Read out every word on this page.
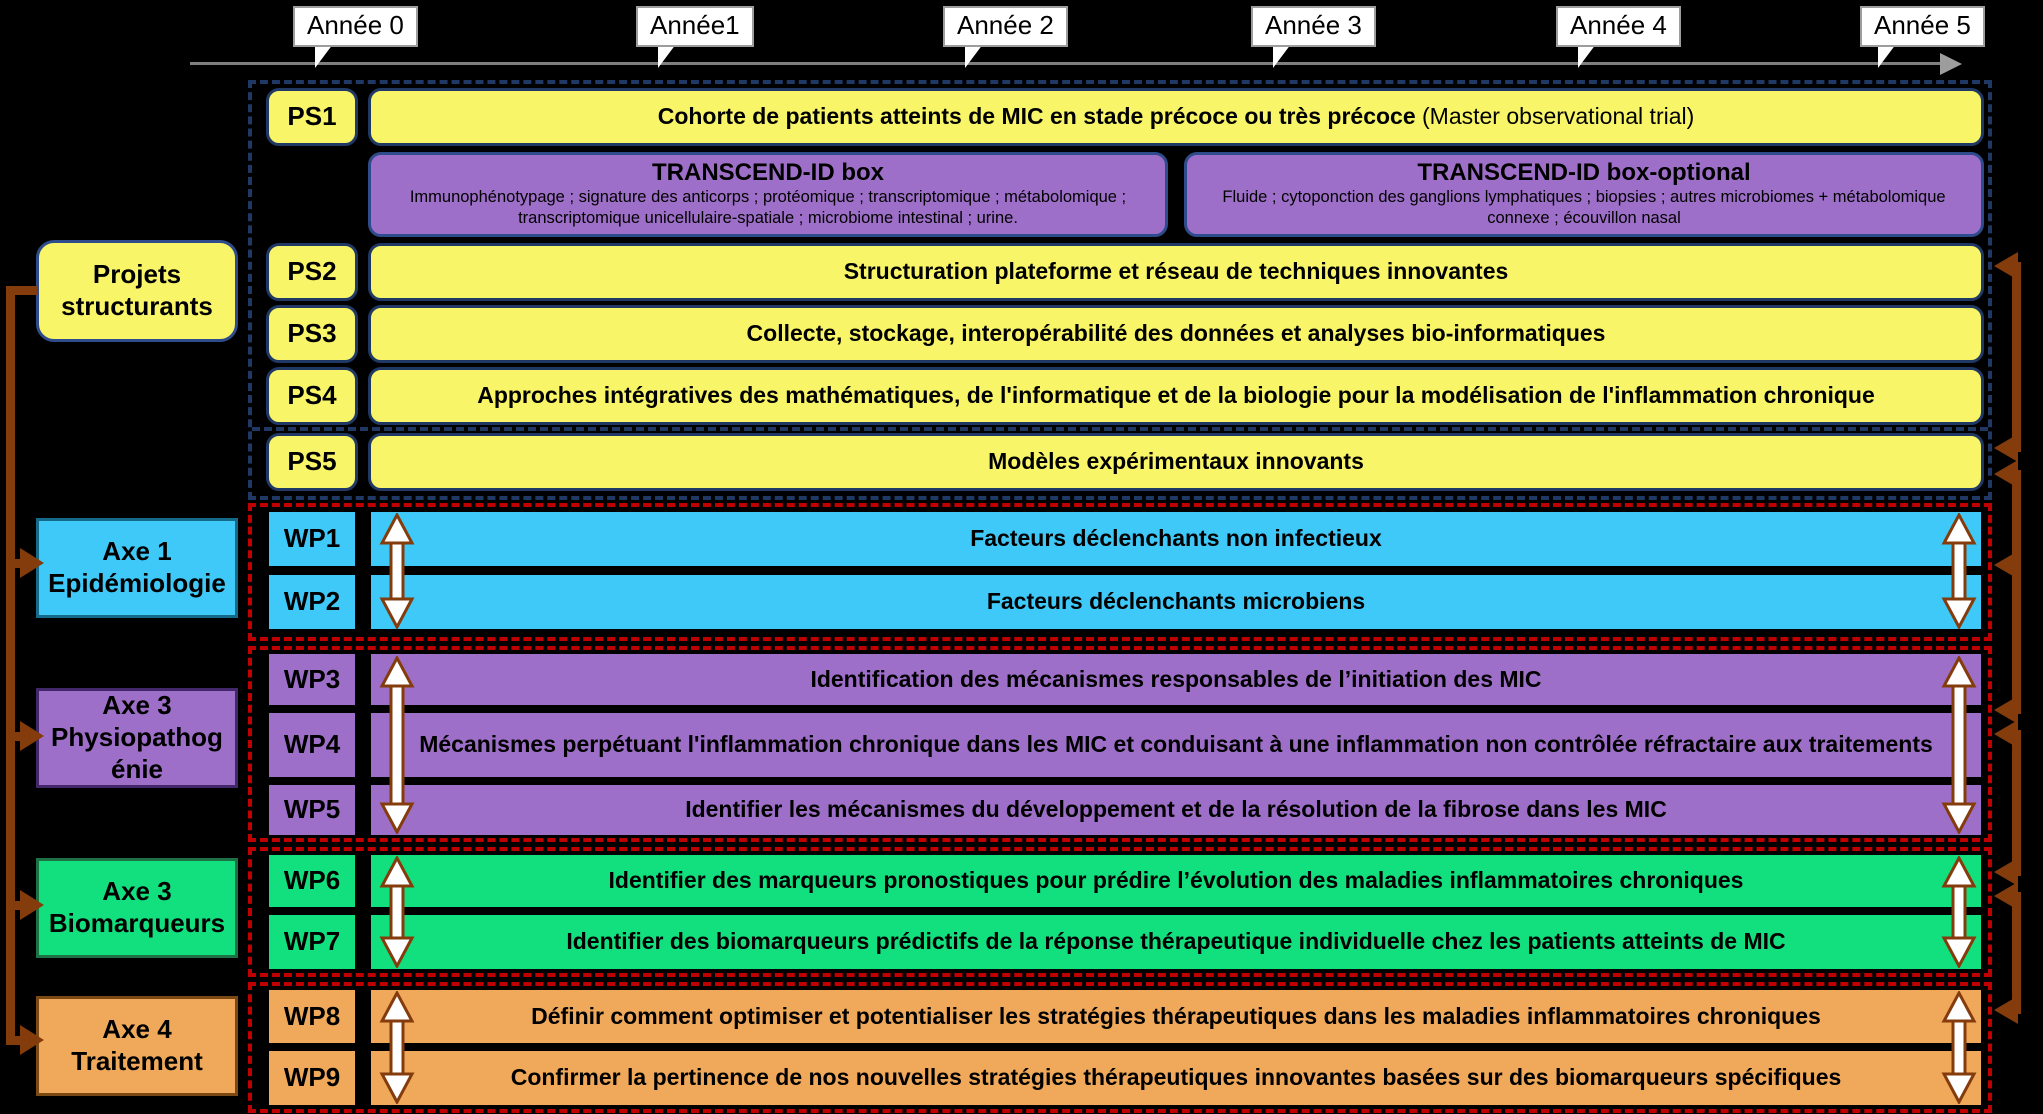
Année 0	Année1	Année 2	Année 3	Année 4	Année 5
PS1	Cohorte de patients atteints de MIC en stade précoce ou très précoce (Master observational trial)
TRANSCEND-ID box
Immunophénotypage ; signature des anticorps ; protéomique ; transcriptomique ; métabolomique ; transcriptomique unicellulaire-spatiale ; microbiome intestinal ; urine.
TRANSCEND-ID box-optional
Fluide ; cytoponction des ganglions lymphatiques ; biopsies ; autres microbiomes + métabolomique connexe ; écouvillon nasal
PS2	Structuration plateforme et réseau de techniques innovantes
PS3	Collecte, stockage, interopérabilité des données et analyses bio-informatiques
PS4	Approches intégratives des mathématiques, de l'informatique et de la biologie pour la modélisation de l'inflammation chronique
PS5	Modèles expérimentaux innovants
WP1	Facteurs déclenchants non infectieux
WP2	Facteurs déclenchants microbiens
WP3	Identification des mécanismes responsables de l’initiation des MIC
WP4	Mécanismes perpétuant l'inflammation chronique dans les MIC et conduisant à une inflammation non contrôlée réfractaire aux traitements
WP5	Identifier les mécanismes du développement et de la résolution de la fibrose dans les MIC
WP6	Identifier des marqueurs pronostiques pour prédire l’évolution des maladies inflammatoires chroniques
WP7	Identifier des biomarqueurs prédictifs de la réponse thérapeutique individuelle chez les patients atteints de MIC
WP8	Définir comment optimiser et potentialiser les stratégies thérapeutiques dans les maladies inflammatoires chroniques
WP9	Confirmer la pertinence de nos nouvelles stratégies thérapeutiques innovantes basées sur des biomarqueurs spécifiques
Projets
structurants
Axe 1
Epidémiologie
Axe 3
Physiopathogénie
Axe 3
Biomarqueurs
Axe 4
Traitement
